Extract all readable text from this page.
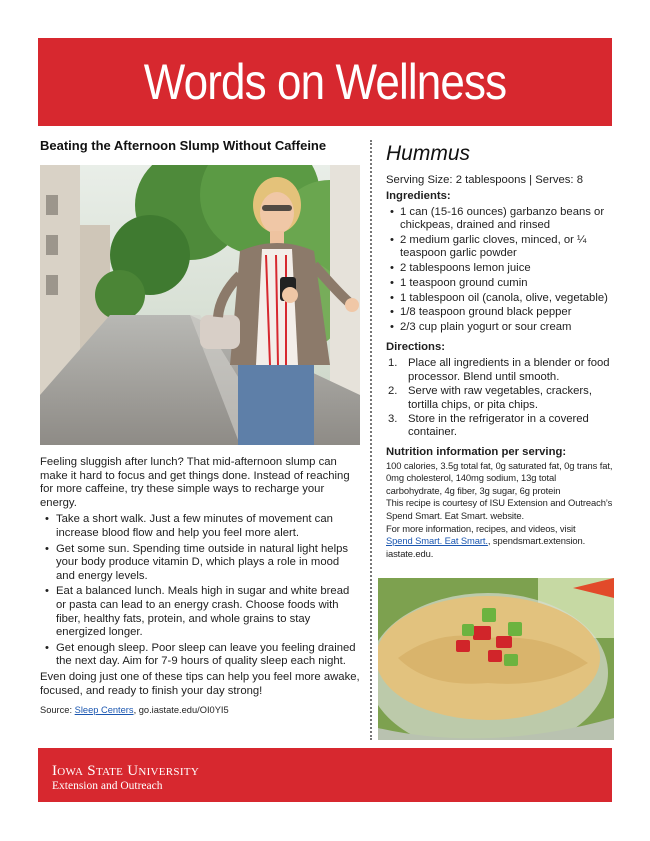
Words on Wellness
Beating the Afternoon Slump Without Caffeine

Feeling sluggish after lunch? That mid-afternoon slump can make it hard to focus and get things done. Instead of reaching for more caffeine, try these simple ways to recharge your energy.

• Take a short walk. Just a few minutes of movement can increase blood flow and help you feel more alert.
• Get some sun. Spending time outside in natural light helps your body produce vitamin D, which plays a role in mood and energy levels.
• Eat a balanced lunch. Meals high in sugar and white bread or pasta can lead to an energy crash. Choose foods with fiber, healthy fats, protein, and whole grains to stay energized longer.
• Get enough sleep. Poor sleep can leave you feeling drained the next day. Aim for 7-9 hours of quality sleep each night.

Even doing just one of these tips can help you feel more awake, focused, and ready to finish your day strong!

Source: Sleep Centers, go.iastate.edu/OI0YI5

Hummus

Serving Size: 2 tablespoons | Serves: 8

Ingredients:
• 1 can (15-16 ounces) garbanzo beans or chickpeas, drained and rinsed
• 2 medium garlic cloves, minced, or ¼ teaspoon garlic powder
• 2 tablespoons lemon juice
• 1 teaspoon ground cumin
• 1 tablespoon oil (canola, olive, vegetable)
• 1/8 teaspoon ground black pepper
• 2/3 cup plain yogurt or sour cream
Directions:
1. Place all ingredients in a blender or food processor. Blend until smooth.
2. Serve with raw vegetables, crackers, tortilla chips, or pita chips.
3. Store in the refrigerator in a covered container.
Nutrition information per serving:

100 calories, 3.5g total fat, 0g saturated fat, 0g trans fat, 0mg cholesterol, 140mg sodium, 13g total carbohydrate, 4g fiber, 3g sugar, 6g protein

This recipe is courtesy of ISU Extension and Outreach’s Spend Smart. Eat Smart. website.

For more information, recipes, and videos, visit
Spend Smart. Eat Smart., spendsmart.extension.
iastate.edu.

Iowa State University
Extension and Outreach
